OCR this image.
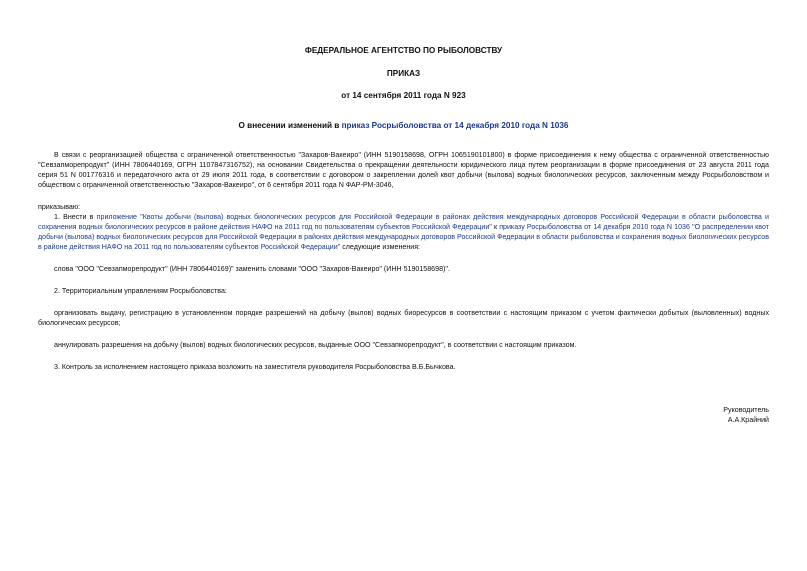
ФЕДЕРАЛЬНОЕ АГЕНТСТВО ПО РЫБОЛОВСТВУ
ПРИКАЗ
от 14 сентября 2011 года N 923
О внесении изменений в приказ Росрыболовства от 14 декабря 2010 года N 1036

В связи с реорганизацией общества с ограниченной ответственностью "Захаров-Вакеиро" (ИНН 5190158698, ОГРН 1065190101800) в форме присоединения к нему общества с ограниченной ответственностью "Севзапморепродукт" (ИНН 7806440169, ОГРН 1107847316752), на основании Свидетельства о прекращении деятельности юридического лица путем реорганизации в форме присоединения от 23 августа 2011 года серия 51 N 001776316 и передаточного акта от 29 июля 2011 года, в соответствии с договором о закреплении долей квот добычи (вылова) водных биологических ресурсов, заключенным между Росрыболовством и обществом с ограниченной ответственностью "Захаров-Вакеиро", от 6 сентября 2011 года N ФАР-РМ-3046,

приказываю:

1. Внести в приложение "Квоты добычи (вылова) водных биологических ресурсов для Российской Федерации в районах действия международных договоров Российской Федерации в области рыболовства и сохранения водных биологических ресурсов в районе действия НАФО на 2011 год по пользователям субъектов Российской Федерации" к приказу Росрыболовства от 14 декабря 2010 года N 1036 "О распределении квот добычи (вылова) водных биологических ресурсов для Российской Федерации в районах действия международных договоров Российской Федерации в области рыболовства и сохранения водных биологических ресурсов в районе действия НАФО на 2011 год по пользователям субъектов Российской Федерации" следующие изменения:

слова "ООО "Севзапморепродукт" (ИНН 7806440169)" заменить словами "ООО "Захаров-Вакеиро" (ИНН 5190158698)".

2. Территориальным управлениям Росрыболовства:

организовать выдачу, регистрацию в установленном порядке разрешений на добычу (вылов) водных биоресурсов в соответствии с настоящим приказом с учетом фактически добытых (выловленных) водных биологических ресурсов;

аннулировать разрешения на добычу (вылов) водных биологических ресурсов, выданные ООО "Севзапморепродукт", в соответствии с настоящим приказом.

3. Контроль за исполнением настоящего приказа возложить на заместителя руководителя Росрыболовства В.Б.Бычкова.

Руководитель
А.А.Крайний
